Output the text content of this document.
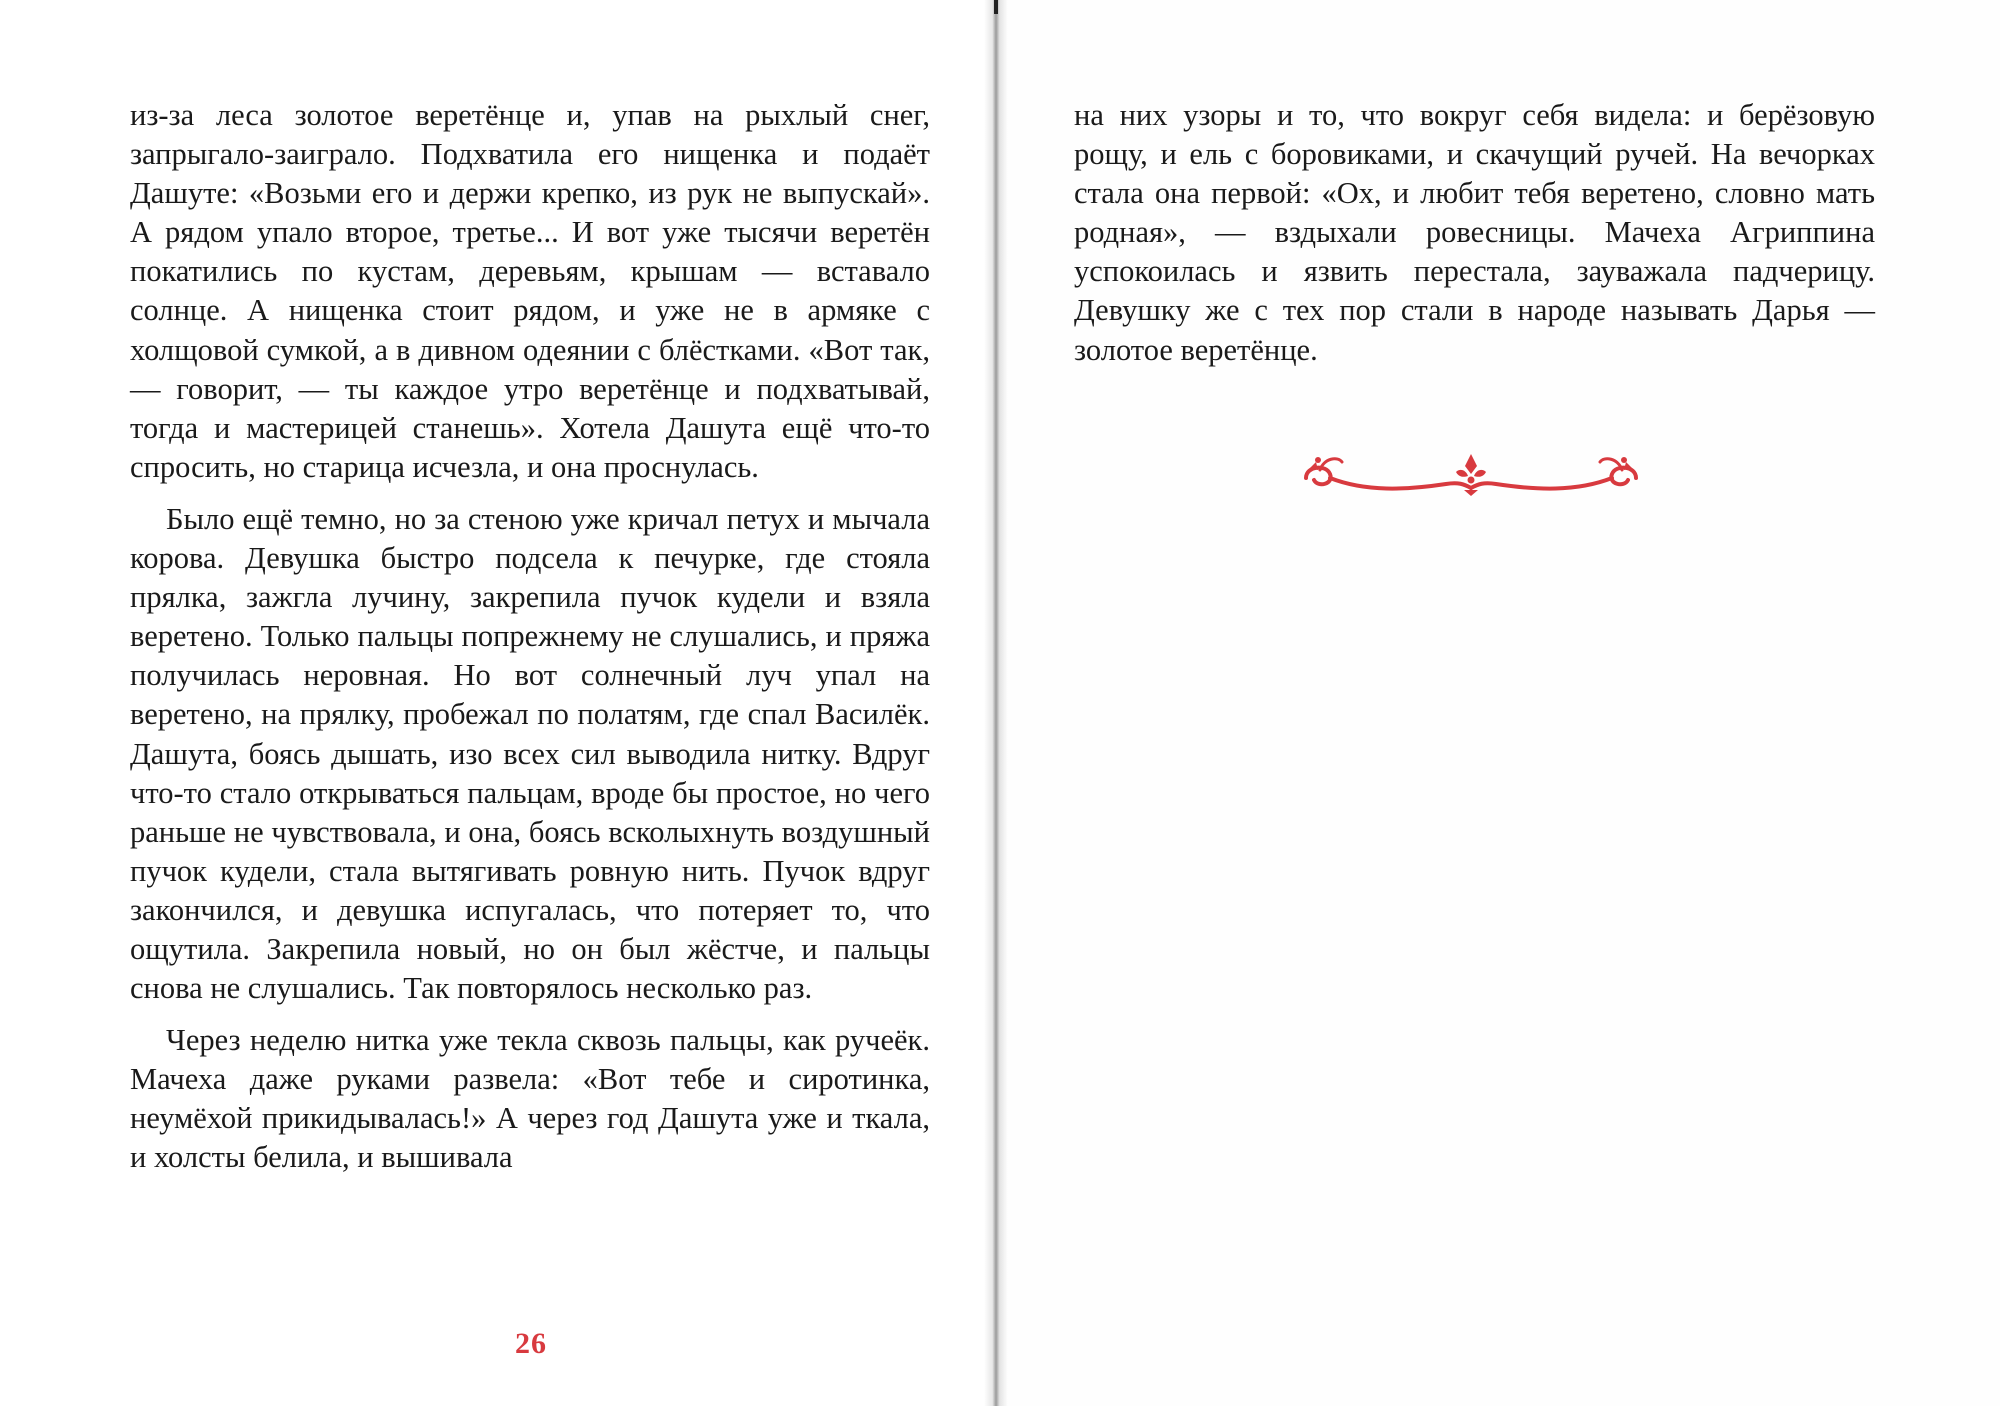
из-за леса золотое веретёнце и, упав на рыхлый снег, запрыгало-заиграло. Подхватила его нищенка и подаёт Дашуте: «Возьми его и держи крепко, из рук не выпускай». А рядом упало второе, третье... И вот уже тысячи веретён покатились по кустам, деревьям, крышам — вставало солнце. А нищенка стоит рядом, и уже не в армяке с холщовой сумкой, а в дивном одеянии с блёстками. «Вот так, — говорит, — ты каждое утро веретёнце и подхватывай, тогда и мастерицей станешь». Хотела Дашута ещё что-то спросить, но старица исчезла, и она проснулась.

Было ещё темно, но за стеною уже кричал петух и мычала корова. Девушка быстро подсела к печурке, где стояла прялка, зажгла лучину, закрепила пучок кудели и взяла веретено. Только пальцы попрежнему не слушались, и пряжа получилась неровная. Но вот солнечный луч упал на веретено, на прялку, пробежал по полатям, где спал Василёк. Дашута, боясь дышать, изо всех сил выводила нитку. Вдруг что-то стало открываться пальцам, вроде бы простое, но чего раньше не чувствовала, и она, боясь всколыхнуть воздушный пучок кудели, стала вытягивать ровную нить. Пучок вдруг закончился, и девушка испугалась, что потеряет то, что ощутила. Закрепила новый, но он был жёстче, и пальцы снова не слушались. Так повторялось несколько раз.

Через неделю нитка уже текла сквозь пальцы, как ручеёк. Мачеха даже руками развела: «Вот тебе и сиротинка, неумёхой прикидывалась!» А через год Дашута уже и ткала, и холсты белила, и вышивала

26

на них узоры и то, что вокруг себя видела: и берёзовую рощу, и ель с боровиками, и скачущий ручей. На вечорках стала она первой: «Ох, и любит тебя веретено, словно мать родная», — вздыхали ровесницы. Мачеха Агриппина успокоилась и язвить перестала, зауважала падчерицу. Девушку же с тех пор стали в народе называть Дарья — золотое веретёнце.
